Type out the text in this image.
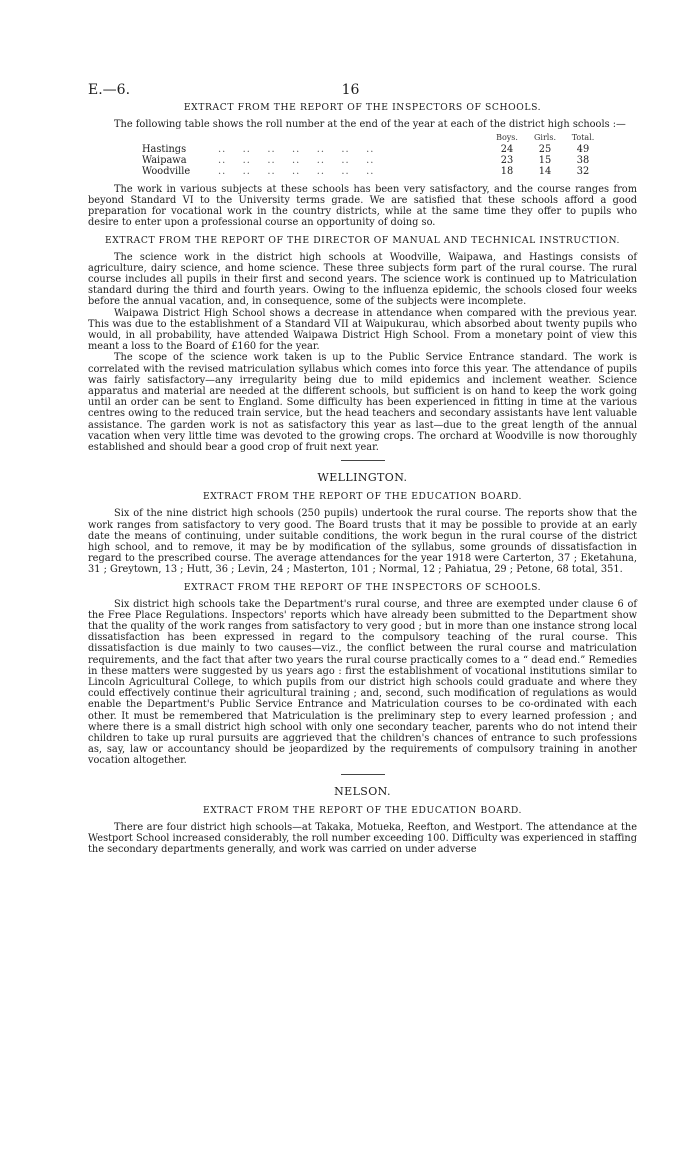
E.—6.	16
EXTRACT FROM THE REPORT OF THE INSPECTORS OF SCHOOLS.

The following table shows the roll number at the end of the year at each of the district high schools :—

		Boys.	Girls.	Total.
Hastings	..    ..    ..    ..    ..    ..    ..	24	25	49
Waipawa	..    ..    ..    ..    ..    ..    ..	23	15	38
Woodville	..    ..    ..    ..    ..    ..    ..	18	14	32

The work in various subjects at these schools has been very satisfactory, and the course ranges from beyond Standard VI to the University terms grade. We are satisfied that these schools afford a good preparation for vocational work in the country districts, while at the same time they offer to pupils who desire to enter upon a professional course an opportunity of doing so.

EXTRACT FROM THE REPORT OF THE DIRECTOR OF MANUAL AND TECHNICAL INSTRUCTION.

The science work in the district high schools at Woodville, Waipawa, and Hastings consists of agriculture, dairy science, and home science. These three subjects form part of the rural course. The rural course includes all pupils in their first and second years. The science work is continued up to Matriculation standard during the third and fourth years. Owing to the influenza epidemic, the schools closed four weeks before the annual vacation, and, in consequence, some of the subjects were incomplete.

Waipawa District High School shows a decrease in attendance when compared with the previous year. This was due to the establishment of a Standard VII at Waipukurau, which absorbed about twenty pupils who would, in all probability, have attended Waipawa District High School. From a monetary point of view this meant a loss to the Board of £160 for the year.

The scope of the science work taken is up to the Public Service Entrance standard. The work is correlated with the revised matriculation syllabus which comes into force this year. The attendance of pupils was fairly satisfactory—any irregularity being due to mild epidemics and inclement weather. Science apparatus and material are needed at the different schools, but sufficient is on hand to keep the work going until an order can be sent to England. Some difficulty has been experienced in fitting in time at the various centres owing to the reduced train service, but the head teachers and secondary assistants have lent valuable assistance. The garden work is not as satisfactory this year as last—due to the great length of the annual vacation when very little time was devoted to the growing crops. The orchard at Woodville is now thoroughly established and should bear a good crop of fruit next year.

WELLINGTON.
EXTRACT FROM THE REPORT OF THE EDUCATION BOARD.

Six of the nine district high schools (250 pupils) undertook the rural course. The reports show that the work ranges from satisfactory to very good. The Board trusts that it may be possible to provide at an early date the means of continuing, under suitable conditions, the work begun in the rural course of the district high school, and to remove, it may be by modification of the syllabus, some grounds of dissatisfaction in regard to the prescribed course. The average attendances for the year 1918 were Carterton, 37 ; Eketahuna, 31 ; Greytown, 13 ; Hutt, 36 ; Levin, 24 ; Masterton, 101 ; Normal, 12 ; Pahiatua, 29 ; Petone, 68 total, 351.

EXTRACT FROM THE REPORT OF THE INSPECTORS OF SCHOOLS.

Six district high schools take the Department's rural course, and three are exempted under clause 6 of the Free Place Regulations. Inspectors' reports which have already been submitted to the Department show that the quality of the work ranges from satisfactory to very good ; but in more than one instance strong local dissatisfaction has been expressed in regard to the compulsory teaching of the rural course. This dissatisfaction is due mainly to two causes—viz., the conflict between the rural course and matriculation requirements, and the fact that after two years the rural course practically comes to a “ dead end.” Remedies in these matters were suggested by us years ago : first the establishment of vocational institutions similar to Lincoln Agricultural College, to which pupils from our district high schools could graduate and where they could effectively continue their agricultural training ; and, second, such modification of regulations as would enable the Department's Public Service Entrance and Matriculation courses to be co-ordinated with each other. It must be remembered that Matriculation is the preliminary step to every learned profession ; and where there is a small district high school with only one secondary teacher, parents who do not intend their children to take up rural pursuits are aggrieved that the children's chances of entrance to such professions as, say, law or accountancy should be jeopardized by the requirements of compulsory training in another vocation altogether.

NELSON.
EXTRACT FROM THE REPORT OF THE EDUCATION BOARD.

There are four district high schools—at Takaka, Motueka, Reefton, and Westport. The attendance at the Westport School increased considerably, the roll number exceeding 100. Difficulty was experienced in staffing the secondary departments generally, and work was carried on under adverse
